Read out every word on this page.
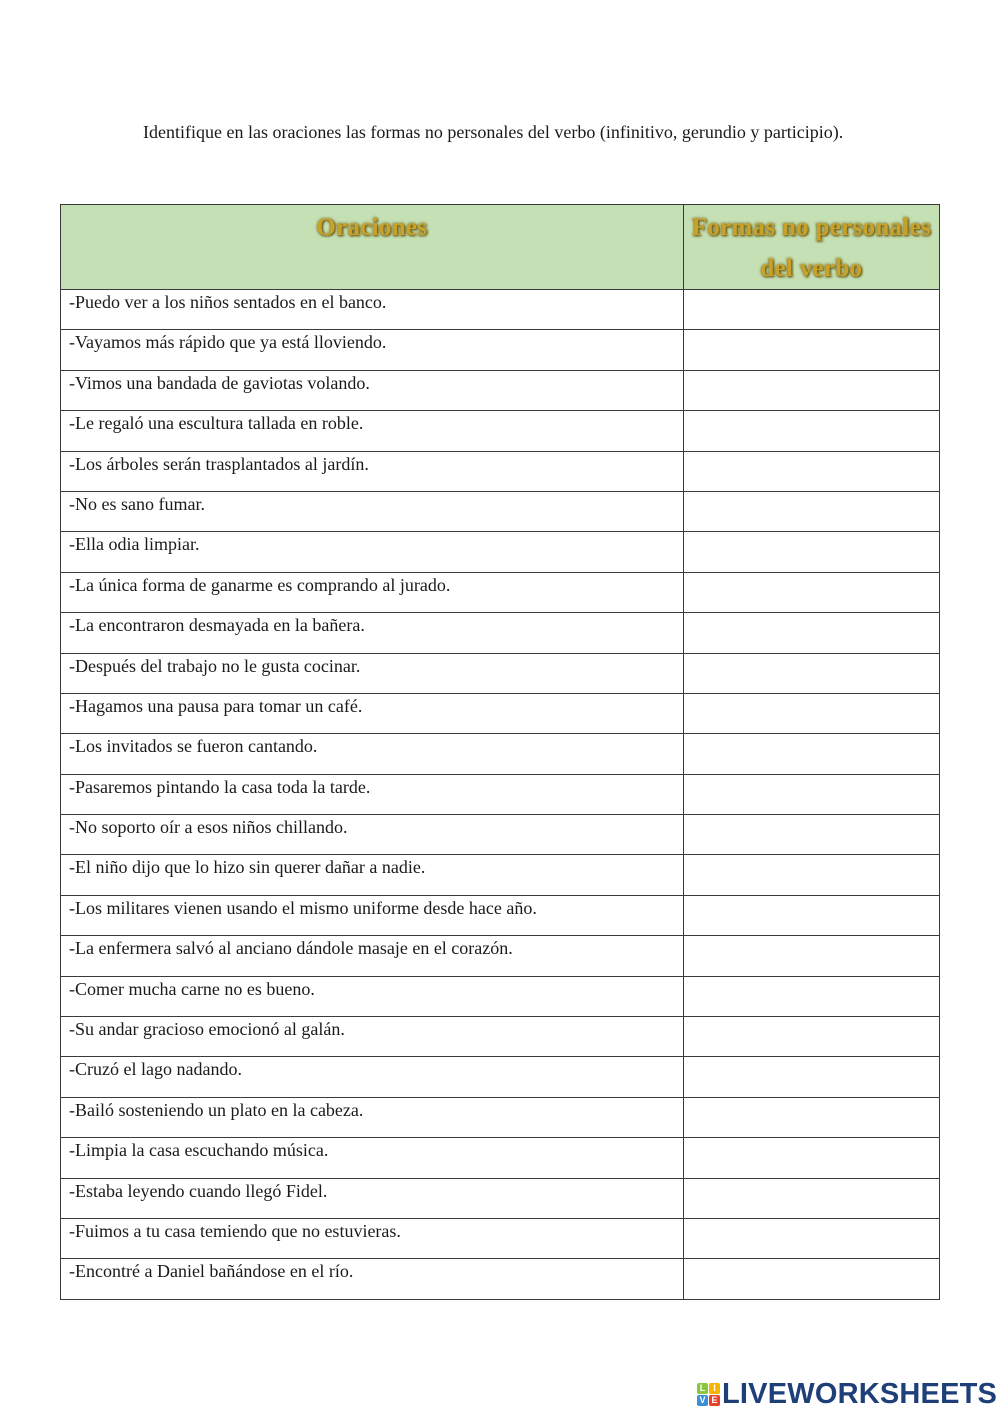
Identifique en las oraciones las formas no personales del verbo (infinitivo, gerundio y participio).
Oraciones	Formas no personales del verbo
-Puedo ver a los niños sentados en el banco.	
-Vayamos más rápido que ya está lloviendo.	
-Vimos una bandada de gaviotas volando.	
-Le regaló una escultura tallada en roble.	
-Los árboles serán trasplantados al jardín.	
-No es sano fumar.	
-Ella odia limpiar.	
-La única forma de ganarme es comprando al jurado.	
-La encontraron desmayada en la bañera.	
-Después del trabajo no le gusta cocinar.	
-Hagamos una pausa para tomar un café.	
-Los invitados se fueron cantando.	
-Pasaremos pintando la casa toda la tarde.	
-No soporto oír a esos niños chillando.	
-El niño dijo que lo hizo sin querer dañar a nadie.	
-Los militares vienen usando el mismo uniforme desde hace año.	
-La enfermera salvó al anciano dándole masaje en el corazón.	
-Comer mucha carne no es bueno.	
-Su andar gracioso emocionó al galán.	
-Cruzó el lago nadando.	
-Bailó sosteniendo un plato en la cabeza.	
-Limpia la casa escuchando música.	
-Estaba leyendo cuando llegó Fidel.	
-Fuimos a tu casa temiendo que no estuvieras.	
-Encontré a Daniel bañándose en el río.	
L I
V E LIVEWORKSHEETS
